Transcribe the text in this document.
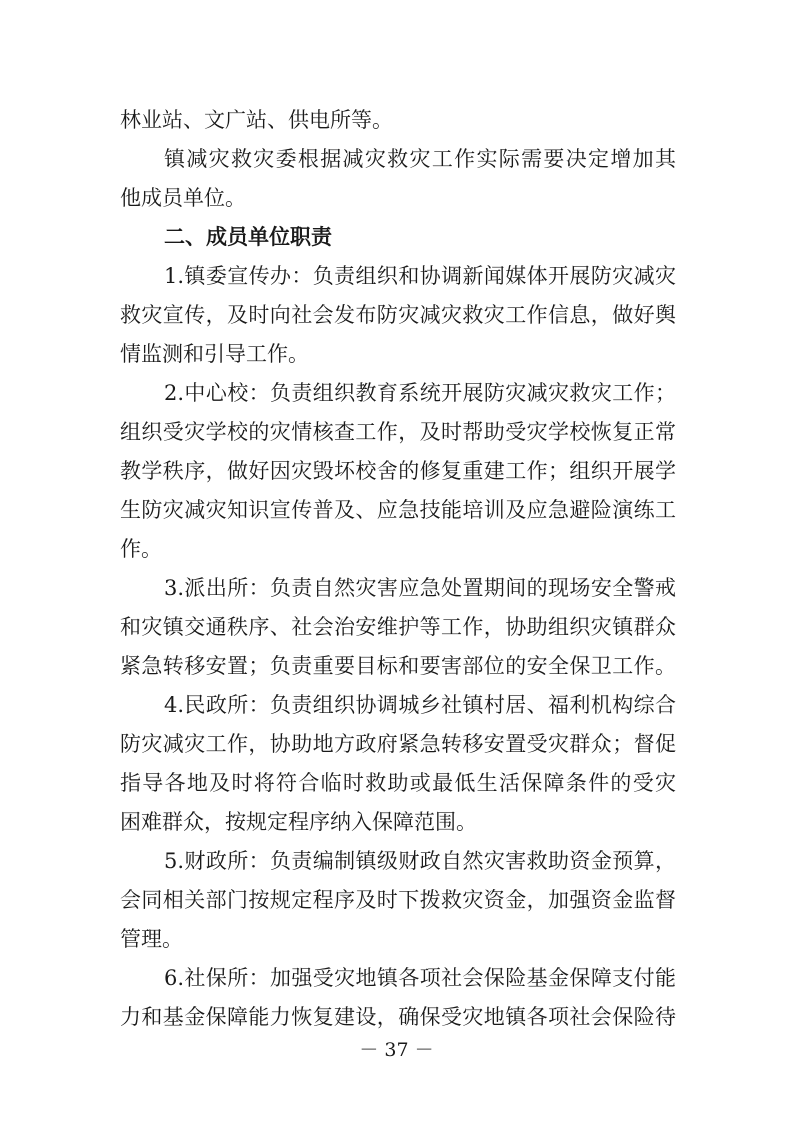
林业站、文广站、供电所等。
镇减灾救灾委根据减灾救灾工作实际需要决定增加其
他成员单位。
二、成员单位职责
1.镇委宣传办：负责组织和协调新闻媒体开展防灾减灾
救灾宣传，及时向社会发布防灾减灾救灾工作信息，做好舆
情监测和引导工作。
2.中心校：负责组织教育系统开展防灾减灾救灾工作；
组织受灾学校的灾情核查工作，及时帮助受灾学校恢复正常
教学秩序，做好因灾毁坏校舍的修复重建工作；组织开展学
生防灾减灾知识宣传普及、应急技能培训及应急避险演练工
作。
3.派出所：负责自然灾害应急处置期间的现场安全警戒
和灾镇交通秩序、社会治安维护等工作，协助组织灾镇群众
紧急转移安置；负责重要目标和要害部位的安全保卫工作。
4.民政所：负责组织协调城乡社镇村居、福利机构综合
防灾减灾工作，协助地方政府紧急转移安置受灾群众；督促
指导各地及时将符合临时救助或最低生活保障条件的受灾
困难群众，按规定程序纳入保障范围。
5.财政所：负责编制镇级财政自然灾害救助资金预算，
会同相关部门按规定程序及时下拨救灾资金，加强资金监督
管理。
6.社保所：加强受灾地镇各项社会保险基金保障支付能
力和基金保障能力恢复建设，确保受灾地镇各项社会保险待
－ 37 －
